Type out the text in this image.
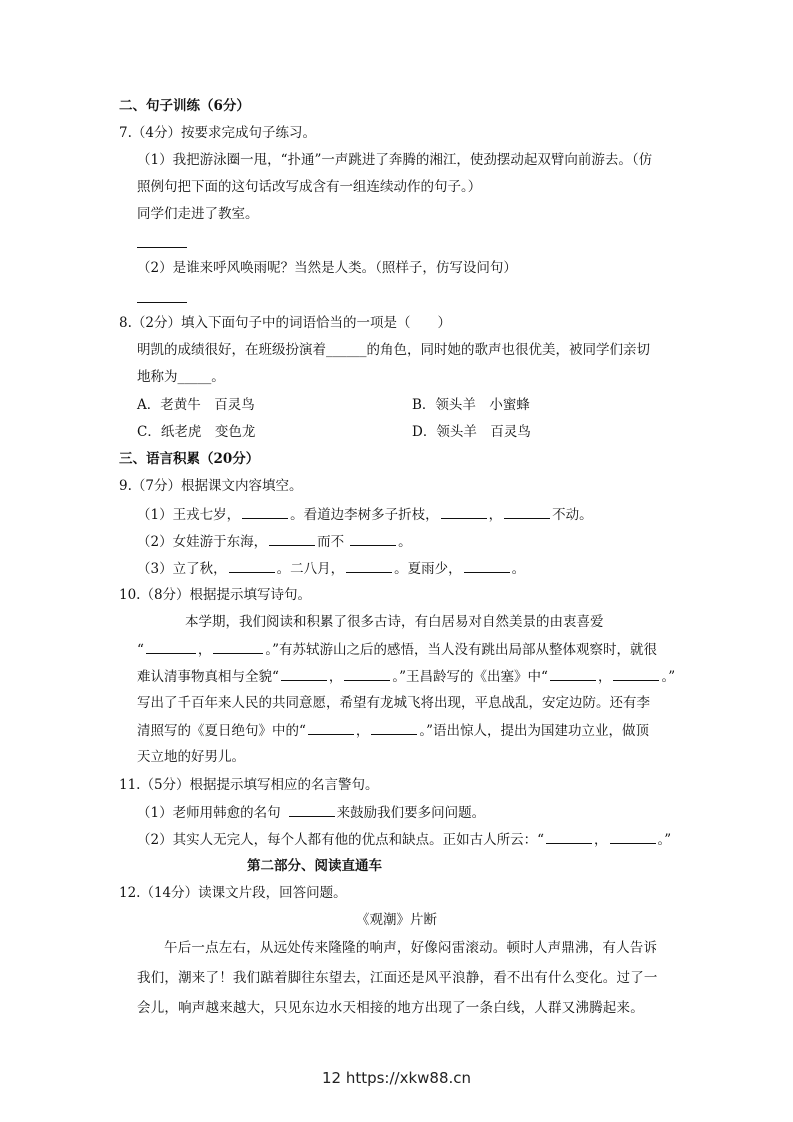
二、句子训练（6分）
7.（4分）按要求完成句子练习。
（1）我把游泳圈一甩，“扑通”一声跳进了奔腾的湘江，使劲摆动起双臂向前游去。（仿
照例句把下面的这句话改写成含有一组连续动作的句子。）
同学们走进了教室。
（2）是谁来呼风唤雨呢？当然是人类。（照样子，仿写设问句）
8.（2分）填入下面句子中的词语恰当的一项是（　　）
明凯的成绩很好，在班级扮演着______的角色，同时她的歌声也很优美，被同学们亲切
地称为_____。
A．老黄牛　百灵鸟	B．领头羊　小蜜蜂
C．纸老虎　变色龙	D．领头羊　百灵鸟
三、语言积累（20分）
9.（7分）根据课文内容填空。
（1）王戎七岁，	。看道边李树多子折枝，	，	不动。
（2）女娃游于东海，	而不	。
（3）立了秋，	。二八月，	。夏雨少，	。
10.（8分）根据提示填写诗句。
本学期，我们阅读和积累了很多古诗，有白居易对自然美景的由衷喜爱
“	，	。”有苏轼游山之后的感悟，当人没有跳出局部从整体观察时，就很
难认清事物真相与全貌“	，	。”王昌龄写的《出塞》中“	，	。”
写出了千百年来人民的共同意愿，希望有龙城飞将出现，平息战乱，安定边防。还有李
清照写的《夏日绝句》中的“	，	。”语出惊人，提出为国建功立业，做顶
天立地的好男儿。
11.（5分）根据提示填写相应的名言警句。
（1）老师用韩愈的名句	来鼓励我们要多问问题。
（2）其实人无完人，每个人都有他的优点和缺点。正如古人所云：“	，	。”
第二部分、阅读直通车
12.（14分）读课文片段，回答问题。
《观潮》片断
午后一点左右，从远处传来隆隆的响声，好像闷雷滚动。顿时人声鼎沸，有人告诉
我们，潮来了！我们踮着脚往东望去，江面还是风平浪静，看不出有什么变化。过了一
会儿，响声越来越大，只见东边水天相接的地方出现了一条白线，人群又沸腾起来。
12 https://xkw88.cn
